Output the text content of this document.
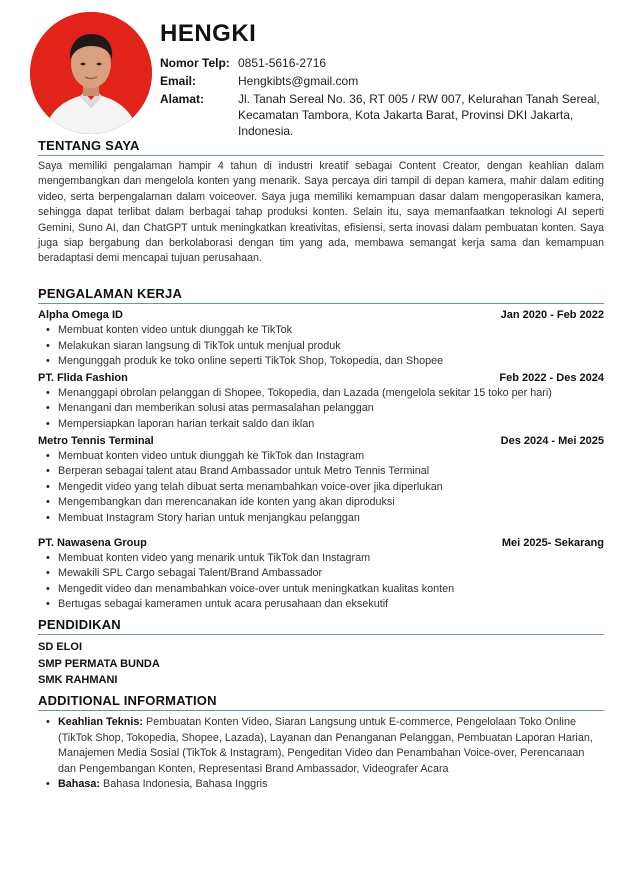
HENGKI
Nomor Telp: 0851-5616-2716
Email:	Hengkibts@gmail.com
Alamat:	Jl. Tanah Sereal No. 36, RT 005 / RW 007, Kelurahan Tanah Sereal, Kecamatan Tambora, Kota Jakarta Barat, Provinsi DKI Jakarta, Indonesia.
TENTANG SAYA

Saya memiliki pengalaman hampir 4 tahun di industri kreatif sebagai Content Creator, dengan keahlian dalam mengembangkan dan mengelola konten yang menarik. Saya percaya diri tampil di depan kamera, mahir dalam editing video, serta berpengalaman dalam voiceover. Saya juga memiliki kemampuan dasar dalam mengoperasikan kamera, sehingga dapat terlibat dalam berbagai tahap produksi konten. Selain itu, saya memanfaatkan teknologi AI seperti Gemini, Suno AI, dan ChatGPT untuk meningkatkan kreativitas, efisiensi, serta inovasi dalam pembuatan konten. Saya juga siap bergabung dan berkolaborasi dengan tim yang ada, membawa semangat kerja sama dan kemampuan beradaptasi demi mencapai tujuan perusahaan.

PENGALAMAN KERJA
Alpha Omega ID	Jan 2020 - Feb 2022
• Membuat konten video untuk diunggah ke TikTok
• Melakukan siaran langsung di TikTok untuk menjual produk
• Mengunggah produk ke toko online seperti TikTok Shop, Tokopedia, dan Shopee
PT. Flida Fashion	Feb 2022 - Des 2024
• Menanggapi obrolan pelanggan di Shopee, Tokopedia, dan Lazada (mengelola sekitar 15 toko per hari)
• Menangani dan memberikan solusi atas permasalahan pelanggan
• Mempersiapkan laporan harian terkait saldo dan iklan
Metro Tennis Terminal	Des 2024 - Mei 2025
• Membuat konten video untuk diunggah ke TikTok dan Instagram
• Berperan sebagai talent atau Brand Ambassador untuk Metro Tennis Terminal
• Mengedit video yang telah dibuat serta menambahkan voice-over jika diperlukan
• Mengembangkan dan merencanakan ide konten yang akan diproduksi
• Membuat Instagram Story harian untuk menjangkau pelanggan
PT. Nawasena Group	Mei 2025- Sekarang
• Membuat konten video yang menarik untuk TikTok dan Instagram
• Mewakili SPL Cargo sebagai Talent/Brand Ambassador
• Mengedit video dan menambahkan voice-over untuk meningkatkan kualitas konten
• Bertugas sebagai kameramen untuk acara perusahaan dan eksekutif
PENDIDIKAN
SD ELOI
SMP PERMATA BUNDA
SMK RAHMANI
ADDITIONAL INFORMATION
• Keahlian Teknis: Pembuatan Konten Video, Siaran Langsung untuk E-commerce, Pengelolaan Toko Online (TikTok Shop, Tokopedia, Shopee, Lazada), Layanan dan Penanganan Pelanggan, Pembuatan Laporan Harian, Manajemen Media Sosial (TikTok & Instagram), Pengeditan Video dan Penambahan Voice-over, Perencanaan dan Pengembangan Konten, Representasi Brand Ambassador, Videografer Acara
• Bahasa: Bahasa Indonesia, Bahasa Inggris
